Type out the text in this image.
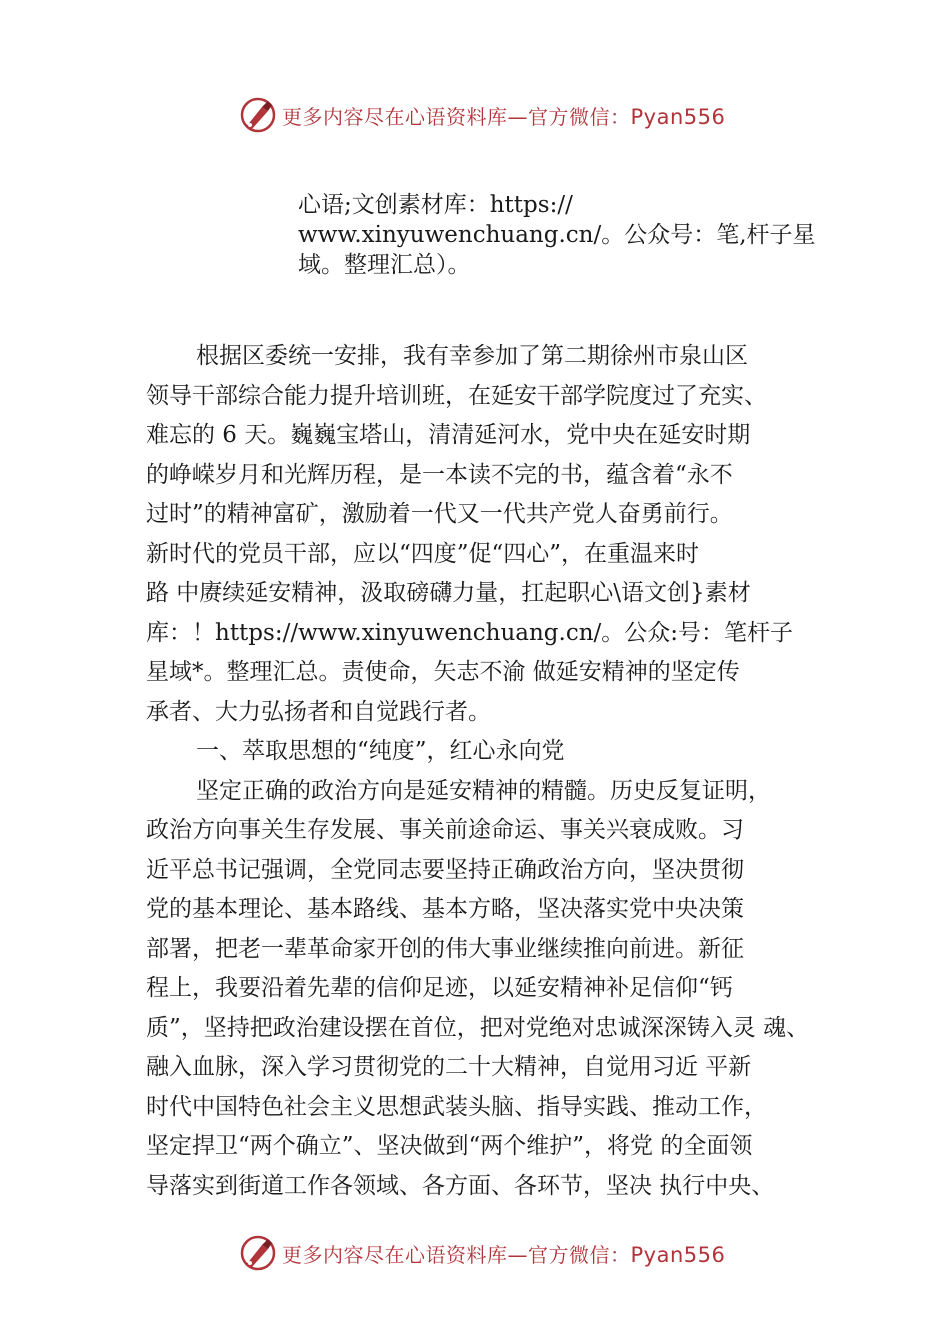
更多内容尽在心语资料库—官方微信：Pyan556

心语;文创素材库：https://

www.xinyuwenchuang.cn/。公众号：笔,杆子星

域。整理汇总）。

根据区委统一安排，我有幸参加了第二期徐州市泉山区

领导干部综合能力提升培训班，在延安干部学院度过了充实、

难忘的 6 天。巍巍宝塔山，清清延河水，党中央在延安时期

的峥嵘岁月和光辉历程，是一本读不完的书，蕴含着“永不

过时”的精神富矿，激励着一代又一代共产党人奋勇前行。

新时代的党员干部，应以“四度”促“四心”，在重温来时

路 中赓续延安精神，汲取磅礴力量，扛起职心\语文创}素材

库：！https://www.xinyuwenchuang.cn/。公众:号：笔杆子

星域*。整理汇总。责使命，矢志不渝 做延安精神的坚定传

承者、大力弘扬者和自觉践行者。

一、萃取思想的“纯度”，红心永向党

坚定正确的政治方向是延安精神的精髓。历史反复证明，

政治方向事关生存发展、事关前途命运、事关兴衰成败。习

近平总书记强调，全党同志要坚持正确政治方向，坚决贯彻

党的基本理论、基本路线、基本方略，坚决落实党中央决策

部署，把老一辈革命家开创的伟大事业继续推向前进。新征

程上，我要沿着先辈的信仰足迹，以延安精神补足信仰“钙

质”，坚持把政治建设摆在首位，把对党绝对忠诚深深铸入灵 魂、

融入血脉，深入学习贯彻党的二十大精神，自觉用习近 平新

时代中国特色社会主义思想武装头脑、指导实践、推动工作，

坚定捍卫“两个确立”、坚决做到“两个维护”，将党 的全面领

导落实到街道工作各领域、各方面、各环节，坚决 执行中央、

更多内容尽在心语资料库—官方微信：Pyan556
